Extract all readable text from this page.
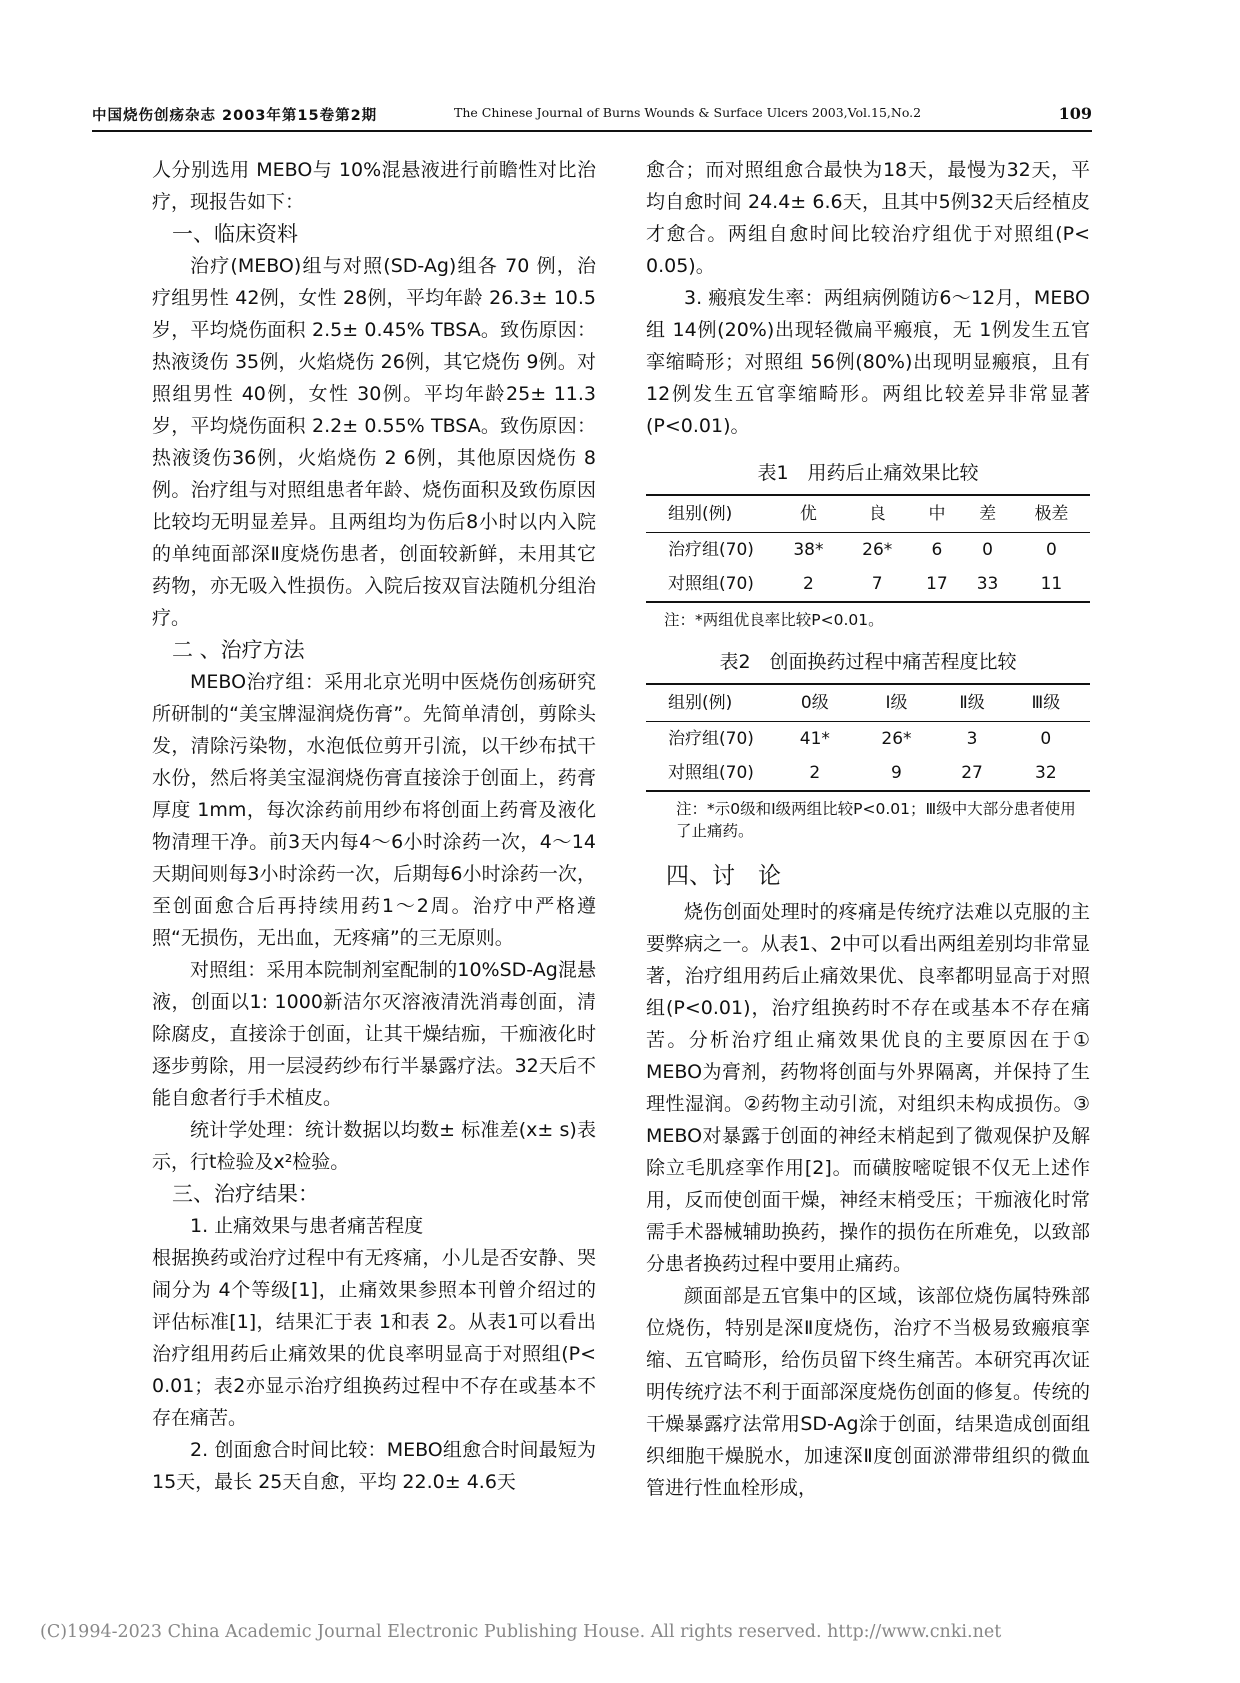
中国烧伤创疡杂志 2003年第15卷第2期	The Chinese Journal of Burns Wounds & Surface Ulcers 2003,Vol.15,No.2	109

人分别选用 MEBO与 10%混悬液进行前瞻性对比治疗，现报告如下：

一、临床资料

治疗(MEBO)组与对照(SD-Ag)组各 70 例，治疗组男性 42例，女性 28例，平均年龄 26.3± 10.5岁，平均烧伤面积 2.5± 0.45% TBSA。致伤原因：热液烫伤 35例，火焰烧伤 26例，其它烧伤 9例。对照组男性 40例，女性 30例。平均年龄25± 11.3岁，平均烧伤面积 2.2± 0.55% TBSA。致伤原因：热液烫伤36例，火焰烧伤 2 6例，其他原因烧伤 8例。治疗组与对照组患者年龄、烧伤面积及致伤原因比较均无明显差异。且两组均为伤后8小时以内入院的单纯面部深Ⅱ度烧伤患者，创面较新鲜，未用其它药物，亦无吸入性损伤。入院后按双盲法随机分组治疗。

二 、治疗方法

MEBO治疗组：采用北京光明中医烧伤创疡研究所研制的“美宝牌湿润烧伤膏”。先简单清创，剪除头发，清除污染物，水泡低位剪开引流，以干纱布拭干水份，然后将美宝湿润烧伤膏直接涂于创面上，药膏厚度 1mm，每次涂药前用纱布将创面上药膏及液化物清理干净。前3天内每4～6小时涂药一次，4～14天期间则每3小时涂药一次，后期每6小时涂药一次，至创面愈合后再持续用药1～2周。治疗中严格遵照“无损伤，无出血，无疼痛”的三无原则。

对照组：采用本院制剂室配制的10%SD-Ag混悬液，创面以1: 1000新洁尔灭溶液清洗消毒创面，清除腐皮，直接涂于创面，让其干燥结痂，干痂液化时逐步剪除，用一层浸药纱布行半暴露疗法。32天后不能自愈者行手术植皮。

统计学处理：统计数据以均数± 标准差(x± s)表示，行t检验及x²检验。

三、治疗结果：
1. 止痛效果与患者痛苦程度

根据换药或治疗过程中有无疼痛，小儿是否安静、哭闹分为 4个等级[1]，止痛效果参照本刊曾介绍过的评估标准[1]，结果汇于表 1和表 2。从表1可以看出治疗组用药后止痛效果的优良率明显高于对照组(P< 0.01；表2亦显示治疗组换药过程中不存在或基本不存在痛苦。

2. 创面愈合时间比较：MEBO组愈合时间最短为 15天，最长 25天自愈，平均 22.0± 4.6天

愈合；而对照组愈合最快为18天，最慢为32天，平均自愈时间 24.4± 6.6天，且其中5例32天后经植皮才愈合。两组自愈时间比较治疗组优于对照组(P< 0.05)。

3. 瘢痕发生率：两组病例随访6～12月，MEBO组 14例(20%)出现轻微扁平瘢痕，无 1例发生五官挛缩畸形；对照组 56例(80%)出现明显瘢痕，且有12例发生五官挛缩畸形。两组比较差异非常显著(P<0.01)。

表1　用药后止痛效果比较
组别(例)	优	良	中	差	极差
治疗组(70)	38*	26*	6	0	0
对照组(70)	2	7	17	33	11
注：*两组优良率比较P<0.01。
表2　创面换药过程中痛苦程度比较
组别(例)	0级	Ⅰ级	Ⅱ级	Ⅲ级	
治疗组(70)	41*	26*	3	0	
对照组(70)	2	9	27	32	
注：*示0级和Ⅰ级两组比较P<0.01；Ⅲ级中大部分患者使用了止痛药。
四、讨　论

烧伤创面处理时的疼痛是传统疗法难以克服的主要弊病之一。从表1、2中可以看出两组差别均非常显著，治疗组用药后止痛效果优、良率都明显高于对照组(P<0.01)，治疗组换药时不存在或基本不存在痛苦。分析治疗组止痛效果优良的主要原因在于① MEBO为膏剂，药物将创面与外界隔离，并保持了生理性湿润。②药物主动引流，对组织未构成损伤。③ MEBO对暴露于创面的神经末梢起到了微观保护及解除立毛肌痉挛作用[2]。而磺胺嘧啶银不仅无上述作用，反而使创面干燥，神经末梢受压；干痂液化时常需手术器械辅助换药，操作的损伤在所难免，以致部分患者换药过程中要用止痛药。

颜面部是五官集中的区域，该部位烧伤属特殊部位烧伤，特别是深Ⅱ度烧伤，治疗不当极易致瘢痕挛缩、五官畸形，给伤员留下终生痛苦。本研究再次证明传统疗法不利于面部深度烧伤创面的修复。传统的干燥暴露疗法常用SD-Ag涂于创面，结果造成创面组织细胞干燥脱水，加速深Ⅱ度创面淤滞带组织的微血管进行性血栓形成，

(C)1994-2023 China Academic Journal Electronic Publishing House. All rights reserved. http://www.cnki.net
